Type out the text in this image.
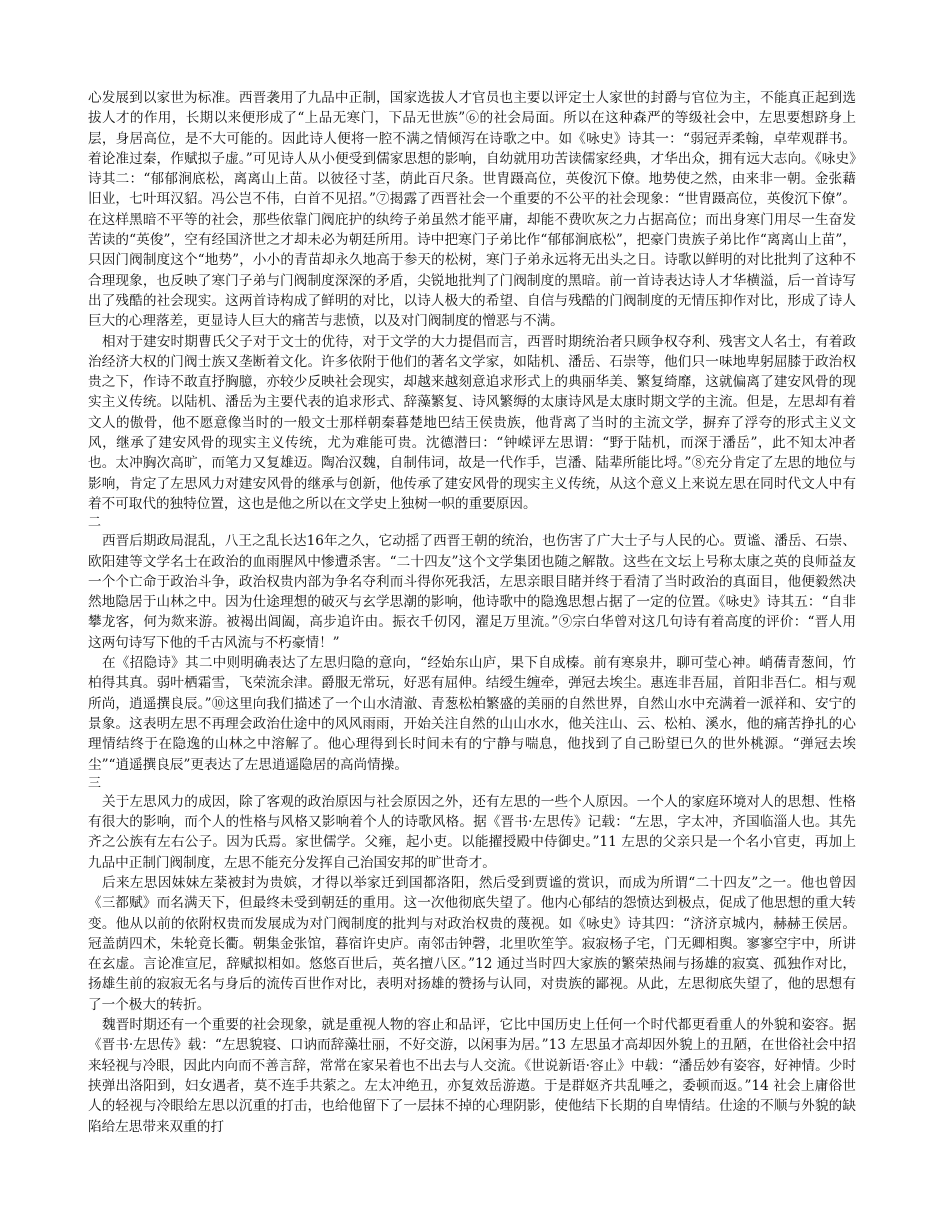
心发展到以家世为标准。西晋袭用了九品中正制，国家选拔人才官员也主要以评定士人家世的封爵与官位为主，不能真正起到选拔人才的作用，长期以来便形成了“上品无寒门，下品无世族”⑥的社会局面。所以在这种森严的等级社会中，左思要想跻身上层，身居高位，是不大可能的。因此诗人便将一腔不满之情倾泻在诗歌之中。如《咏史》诗其一：“弱冠弄柔翰，卓荦观群书。着论准过秦，作赋拟子虚。”可见诗人从小便受到儒家思想的影响，自幼就用功苦读儒家经典，才华出众，拥有远大志向。《咏史》诗其二：“郁郁涧底松，离离山上苗。以彼径寸茎，荫此百尺条。世胄蹑高位，英俊沉下僚。地势使之然，由来非一朝。金张藉旧业，七叶珥汉貂。冯公岂不伟，白首不见招。”⑦揭露了西晋社会一个重要的不公平的社会现象：“世胄蹑高位，英俊沉下僚”。在这样黑暗不平等的社会，那些依靠门阀庇护的纨绔子弟虽然才能平庸，却能不费吹灰之力占据高位；而出身寒门用尽一生奋发苦读的“英俊”，空有经国济世之才却未必为朝廷所用。诗中把寒门子弟比作“郁郁涧底松”，把豪门贵族子弟比作“离离山上苗”，只因门阀制度这个“地势”，小小的青苗却永久地高于参天的松树，寒门子弟永远将无出头之日。诗歌以鲜明的对比批判了这种不合理现象，也反映了寒门子弟与门阀制度深深的矛盾，尖锐地批判了门阀制度的黑暗。前一首诗表达诗人才华横溢，后一首诗写出了残酷的社会现实。这两首诗构成了鲜明的对比，以诗人极大的希望、自信与残酷的门阀制度的无情压抑作对比，形成了诗人巨大的心理落差，更显诗人巨大的痛苦与悲愤，以及对门阀制度的憎恶与不满。

相对于建安时期曹氏父子对于文士的优待，对于文学的大力提倡而言，西晋时期统治者只顾争权夺利、残害文人名士，有着政治经济大权的门阀士族又垄断着文化。许多依附于他们的著名文学家，如陆机、潘岳、石崇等，他们只一味地卑躬屈膝于政治权贵之下，作诗不敢直抒胸臆，亦较少反映社会现实，却越来越刻意追求形式上的典丽华美、繁复绮靡，这就偏离了建安风骨的现实主义传统。以陆机、潘岳为主要代表的追求形式、辞藻繁复、诗风繁缛的太康诗风是太康时期文学的主流。但是，左思却有着文人的傲骨，他不愿意像当时的一般文士那样朝秦暮楚地巴结王侯贵族，他背离了当时的主流文学，摒弃了浮夸的形式主义文风，继承了建安风骨的现实主义传统，尤为难能可贵。沈德潜曰：“钟嵘评左思谓：“野于陆机，而深于潘岳”，此不知太冲者也。太冲胸次高旷，而笔力又复雄迈。陶冶汉魏，自制伟词，故是一代作手，岂潘、陆辈所能比埒。”⑧充分肯定了左思的地位与影响，肯定了左思风力对建安风骨的继承与创新，他传承了建安风骨的现实主义传统，从这个意义上来说左思在同时代文人中有着不可取代的独特位置，这也是他之所以在文学史上独树一帜的重要原因。

二

西晋后期政局混乱，八王之乱长达16年之久，它动摇了西晋王朝的统治，也伤害了广大士子与人民的心。贾谧、潘岳、石崇、欧阳建等文学名士在政治的血雨腥风中惨遭杀害。“二十四友”这个文学集团也随之解散。这些在文坛上号称太康之英的良师益友一个个亡命于政治斗争，政治权贵内部为争名夺利而斗得你死我活，左思亲眼目睹并终于看清了当时政治的真面目，他便毅然决然地隐居于山林之中。因为仕途理想的破灭与玄学思潮的影响，他诗歌中的隐逸思想占据了一定的位置。《咏史》诗其五：“自非攀龙客，何为欻来游。被褐出阊阖，高步追许由。振衣千仞冈，濯足万里流。”⑨宗白华曾对这几句诗有着高度的评价：“晋人用这两句诗写下他的千古风流与不朽豪情！”

在《招隐诗》其二中则明确表达了左思归隐的意向，“经始东山庐，果下自成榛。前有寒泉井，聊可莹心神。峭蒨青葱间，竹柏得其真。弱叶栖霜雪，飞荣流余津。爵服无常玩，好恶有屈伸。结绶生缠牵，弹冠去埃尘。惠连非吾屈，首阳非吾仁。相与观所尚，逍遥撰良辰。”⑩这里向我们描述了一个山水清澈、青葱松柏繁盛的美丽的自然世界，自然山水中充满着一派祥和、安宁的景象。这表明左思不再理会政治仕途中的风风雨雨，开始关注自然的山山水水，他关注山、云、松柏、溪水，他的痛苦挣扎的心理情结终于在隐逸的山林之中溶解了。他心理得到长时间未有的宁静与喘息，他找到了自己盼望已久的世外桃源。“弹冠去埃尘”“逍遥撰良辰”更表达了左思逍遥隐居的高尚情操。

三

关于左思风力的成因，除了客观的政治原因与社会原因之外，还有左思的一些个人原因。一个人的家庭环境对人的思想、性格有很大的影响，而个人的性格与风格又影响着个人的诗歌风格。据《晋书·左思传》记载：“左思，字太冲，齐国临淄人也。其先齐之公族有左右公子。因为氏焉。家世儒学。父雍，起小吏。以能擢授殿中侍御史。”11 左思的父亲只是一个名小官吏，再加上九品中正制门阀制度，左思不能充分发挥自己治国安邦的旷世奇才。

后来左思因妹妹左棻被封为贵嫔，才得以举家迁到国都洛阳，然后受到贾谧的赏识，而成为所谓“二十四友”之一。他也曾因《三都赋》而名满天下，但最终未受到朝廷的重用。这一次他彻底失望了。他内心郁结的怨愤达到极点，促成了他思想的重大转变。他从以前的依附权贵而发展成为对门阀制度的批判与对政治权贵的蔑视。如《咏史》诗其四：“济济京城内，赫赫王侯居。冠盖荫四术，朱轮竟长衢。朝集金张馆，暮宿许史庐。南邻击钟磬，北里吹笙竽。寂寂杨子宅，门无卿相舆。寥寥空宇中，所讲在玄虚。言论准宣尼，辞赋拟相如。悠悠百世后，英名擅八区。”12 通过当时四大家族的繁荣热闹与扬雄的寂寞、孤独作对比，扬雄生前的寂寂无名与身后的流传百世作对比，表明对扬雄的赞扬与认同，对贵族的鄙视。从此，左思彻底失望了，他的思想有了一个极大的转折。

魏晋时期还有一个重要的社会现象，就是重视人物的容止和品评，它比中国历史上任何一个时代都更看重人的外貌和姿容。据《晋书·左思传》载：“左思貌寝、口讷而辞藻壮丽，不好交游，以闲事为居。”13 左思虽才高却因外貌上的丑陋，在世俗社会中招来轻视与冷眼，因此内向而不善言辞，常常在家呆着也不出去与人交流。《世说新语·容止》中载：“潘岳妙有姿容，好神情。少时挟弹出洛阳到，妇女遇者，莫不连手共萦之。左太冲绝丑，亦复效岳游遨。于是群妪齐共乱唾之，委顿而返。”14 社会上庸俗世人的轻视与冷眼给左思以沉重的打击，也给他留下了一层抹不掉的心理阴影，使他结下长期的自卑情结。仕途的不顺与外貌的缺陷给左思带来双重的打
